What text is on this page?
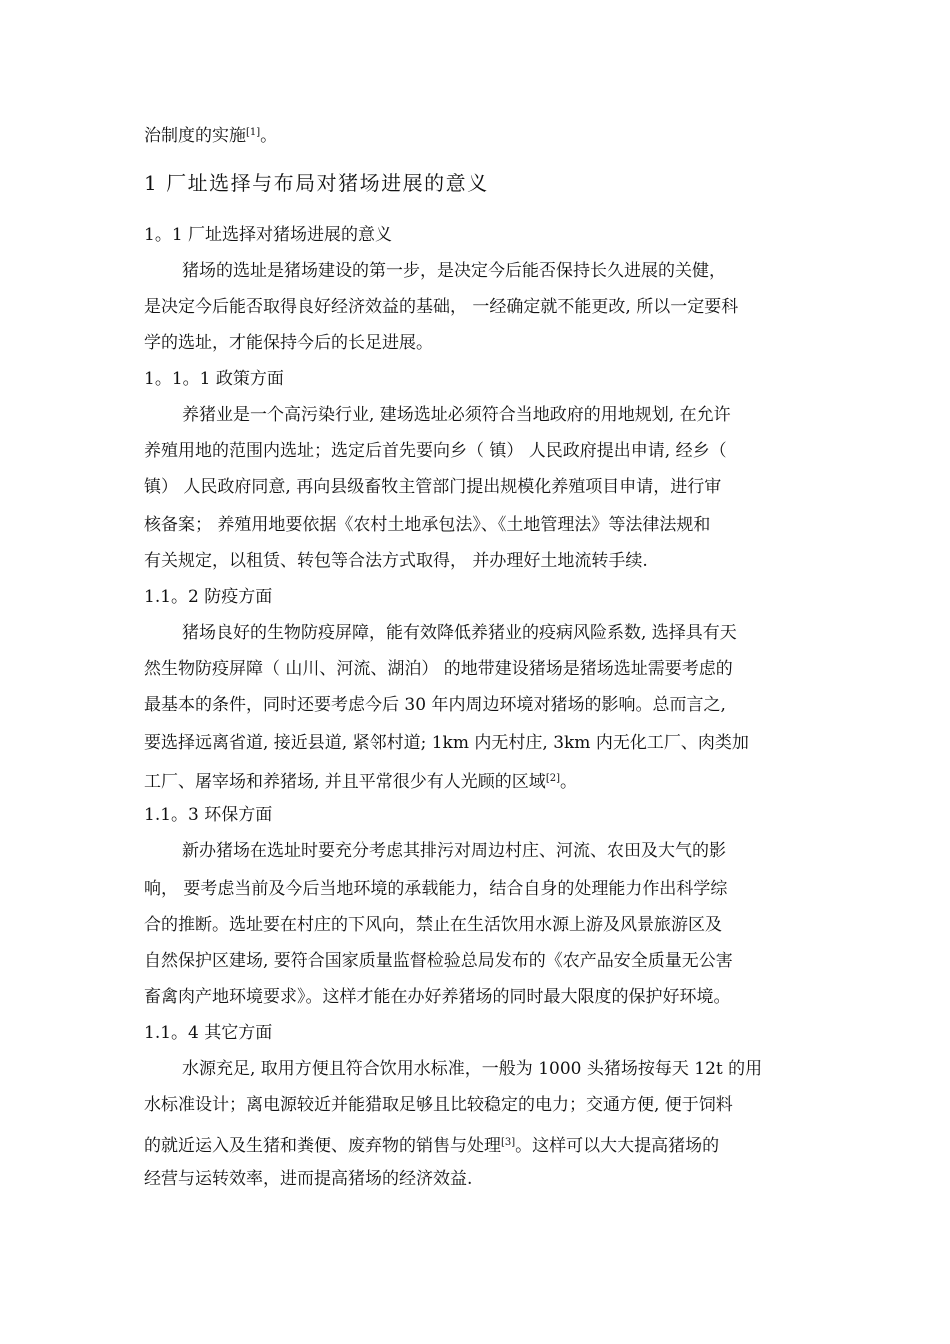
治制度的实施[1]。
1 厂址选择与布局对猪场进展的意义
1。1 厂址选择对猪场进展的意义
猪场的选址是猪场建设的第一步，是决定今后能否保持长久进展的关健，
是决定今后能否取得良好经济效益的基础， 一经确定就不能更改, 所以一定要科
学的选址，才能保持今后的长足进展。
1。1。1 政策方面
养猪业是一个高污染行业, 建场选址必须符合当地政府的用地规划, 在允许
养殖用地的范围内选址；选定后首先要向乡（ 镇） 人民政府提出申请, 经乡（
镇） 人民政府同意, 再向县级畜牧主管部门提出规模化养殖项目申请，进行审
核备案； 养殖用地要依据《农村土地承包法》、《土地管理法》等法律法规和
有关规定，以租赁、转包等合法方式取得， 并办理好土地流转手续.
1.1。2 防疫方面
猪场良好的生物防疫屏障，能有效降低养猪业的疫病风险系数, 选择具有天
然生物防疫屏障（ 山川、河流、湖泊） 的地带建设猪场是猪场选址需要考虑的
最基本的条件，同时还要考虑今后 30 年内周边环境对猪场的影响。总而言之,
要选择远离省道, 接近县道, 紧邻村道; 1km 内无村庄, 3km 内无化工厂、肉类加
工厂、屠宰场和养猪场, 并且平常很少有人光顾的区域[2]。
1.1。3 环保方面
新办猪场在选址时要充分考虑其排污对周边村庄、河流、农田及大气的影
响， 要考虑当前及今后当地环境的承载能力，结合自身的处理能力作出科学综
合的推断。选址要在村庄的下风向，禁止在生活饮用水源上游及风景旅游区及
自然保护区建场, 要符合国家质量监督检验总局发布的《农产品安全质量无公害
畜禽肉产地环境要求》。这样才能在办好养猪场的同时最大限度的保护好环境。
1.1。4 其它方面
水源充足, 取用方便且符合饮用水标准，一般为 1000 头猪场按每天 12t 的用
水标准设计；离电源较近并能猎取足够且比较稳定的电力；交通方便, 便于饲料
的就近运入及生猪和粪便、废弃物的销售与处理[3]。这样可以大大提高猪场的
经营与运转效率，进而提高猪场的经济效益.
